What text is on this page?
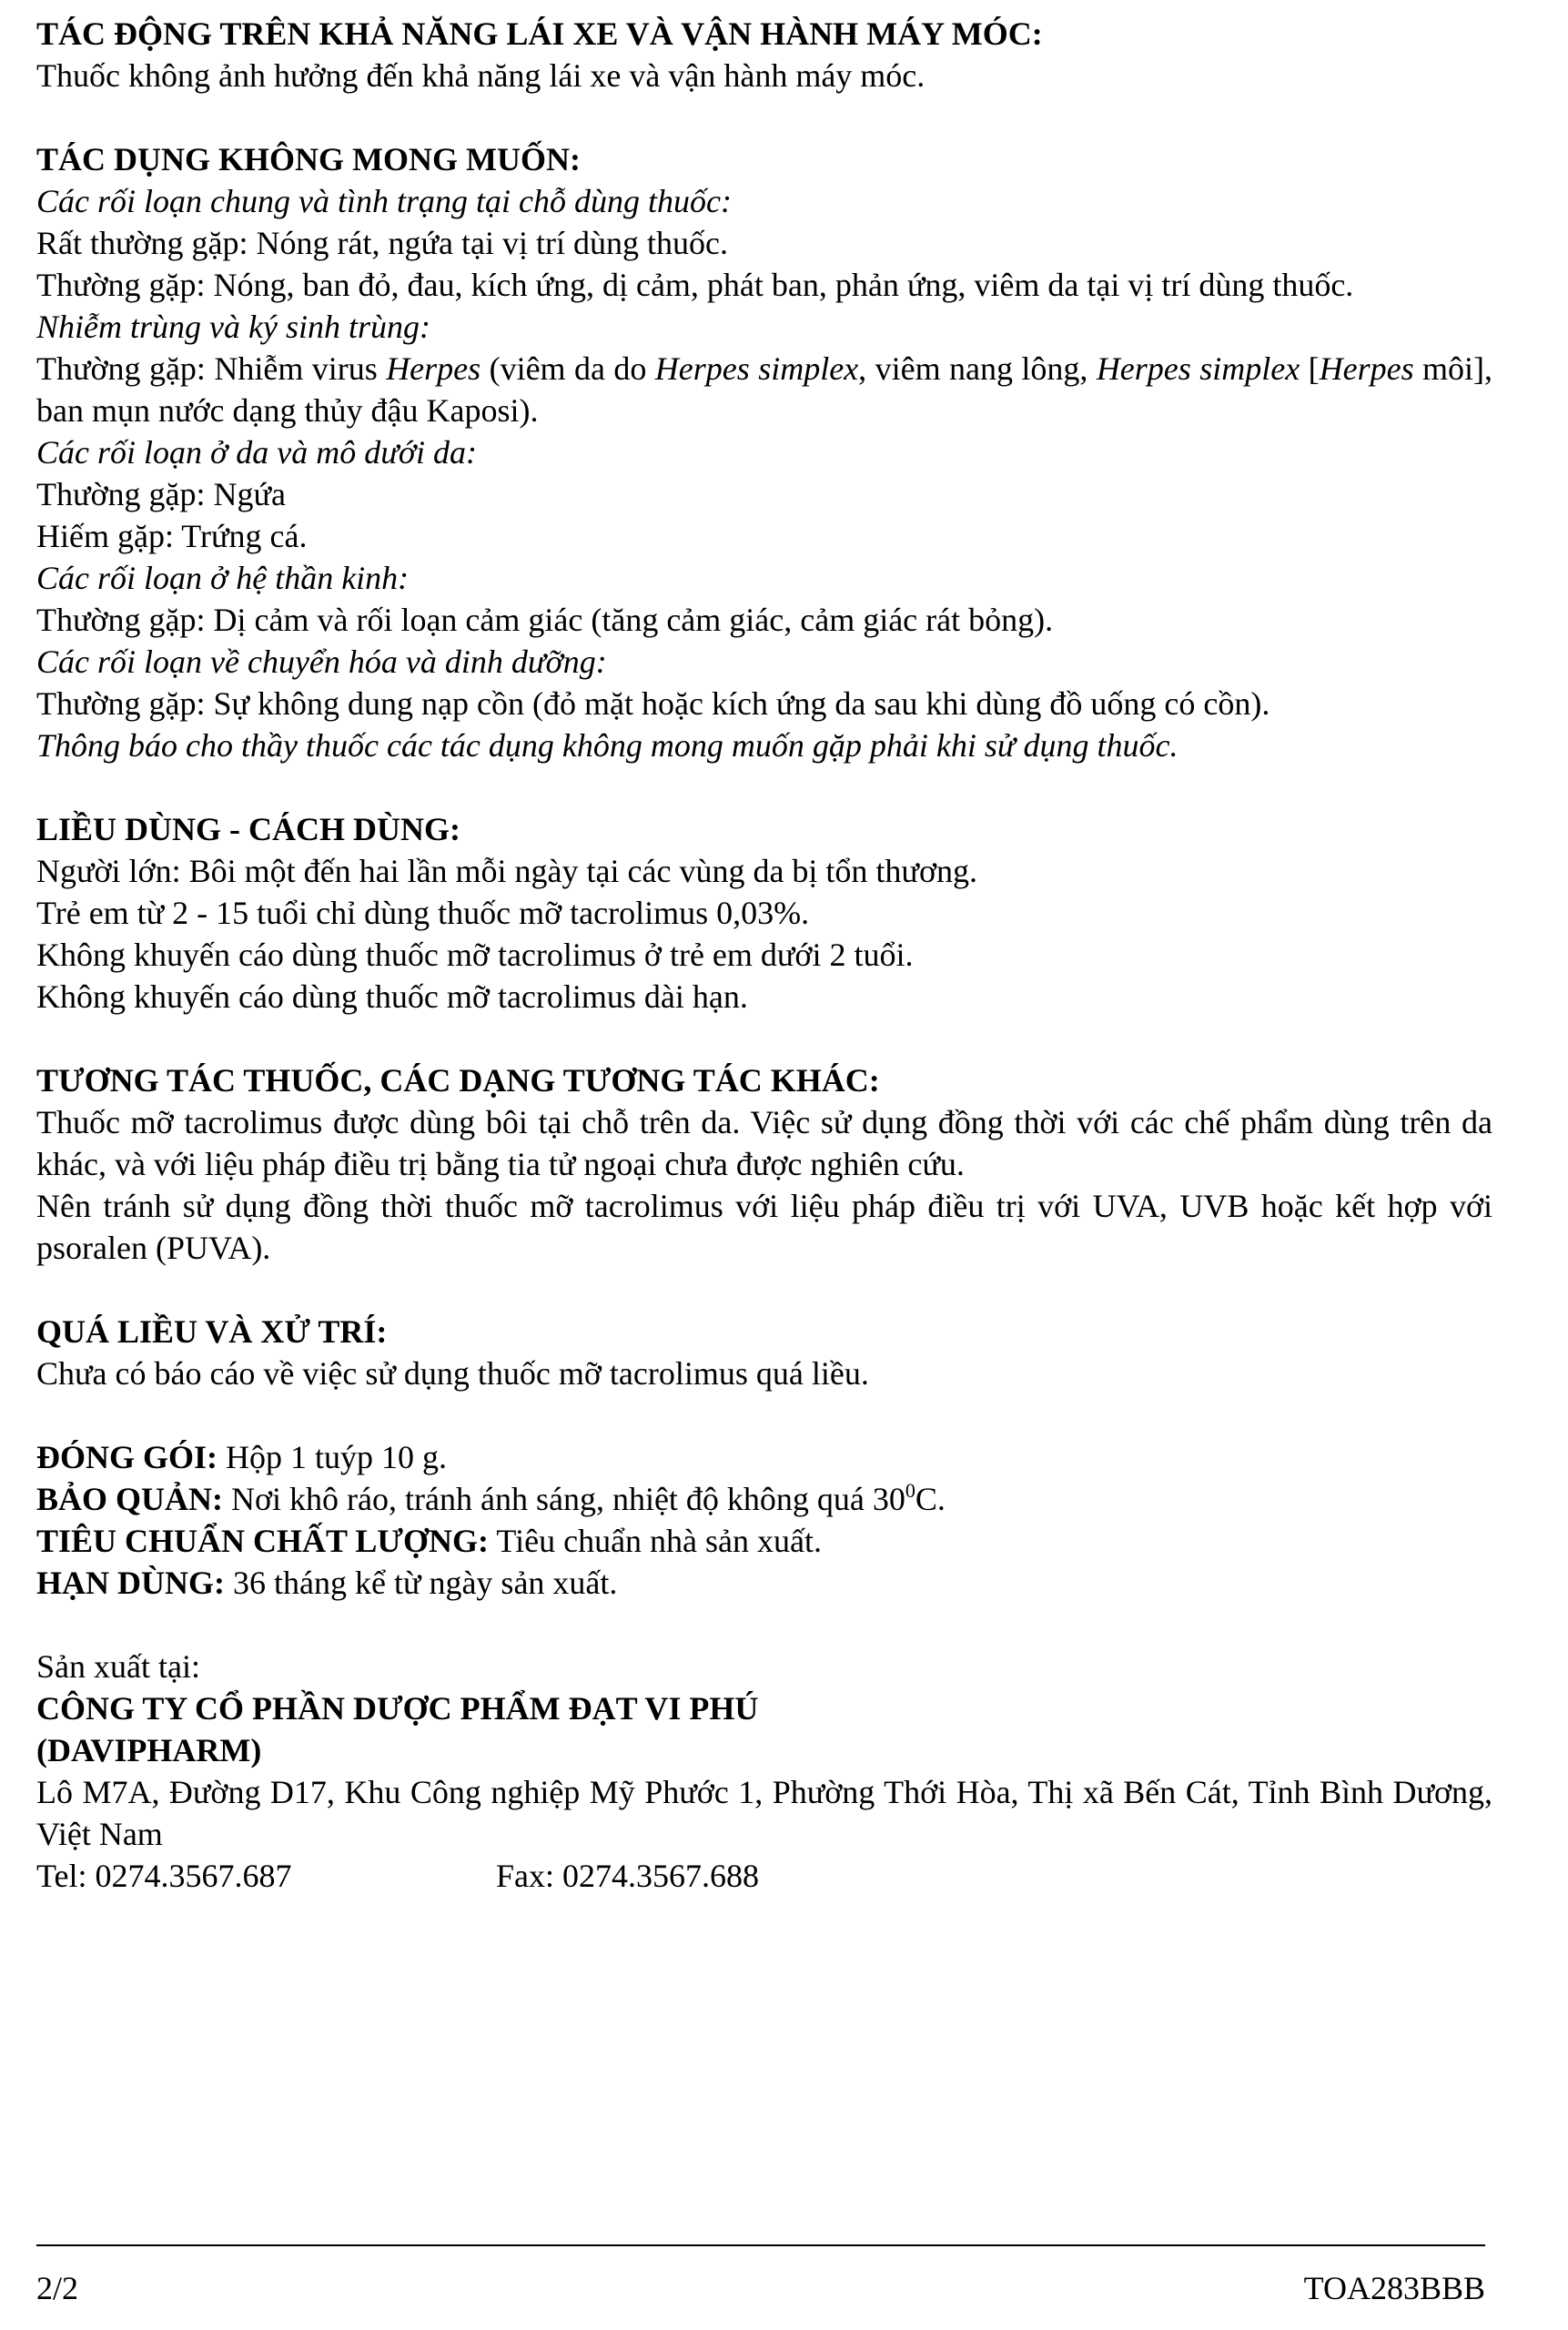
TÁC ĐỘNG TRÊN KHẢ NĂNG LÁI XE VÀ VẬN HÀNH MÁY MÓC:
Thuốc không ảnh hưởng đến khả năng lái xe và vận hành máy móc.
TÁC DỤNG KHÔNG MONG MUỐN:
Các rối loạn chung và tình trạng tại chỗ dùng thuốc:
Rất thường gặp: Nóng rát, ngứa tại vị trí dùng thuốc.
Thường gặp: Nóng, ban đỏ, đau, kích ứng, dị cảm, phát ban, phản ứng, viêm da tại vị trí dùng thuốc.
Nhiễm trùng và ký sinh trùng:
Thường gặp: Nhiễm virus Herpes (viêm da do Herpes simplex, viêm nang lông, Herpes simplex [Herpes môi], ban mụn nước dạng thủy đậu Kaposi).
Các rối loạn ở da và mô dưới da:
Thường gặp: Ngứa
Hiếm gặp: Trứng cá.
Các rối loạn ở hệ thần kinh:
Thường gặp: Dị cảm và rối loạn cảm giác (tăng cảm giác, cảm giác rát bỏng).
Các rối loạn về chuyển hóa và dinh dưỡng:
Thường gặp: Sự không dung nạp cồn (đỏ mặt hoặc kích ứng da sau khi dùng đồ uống có cồn).
Thông báo cho thầy thuốc các tác dụng không mong muốn gặp phải khi sử dụng thuốc.
LIỀU DÙNG - CÁCH DÙNG:
Người lớn: Bôi một đến hai lần mỗi ngày tại các vùng da bị tổn thương.
Trẻ em từ 2 - 15 tuổi chỉ dùng thuốc mỡ tacrolimus 0,03%.
Không khuyến cáo dùng thuốc mỡ tacrolimus ở trẻ em dưới 2 tuổi.
Không khuyến cáo dùng thuốc mỡ tacrolimus dài hạn.
TƯƠNG TÁC THUỐC, CÁC DẠNG TƯƠNG TÁC KHÁC:
Thuốc mỡ tacrolimus được dùng bôi tại chỗ trên da. Việc sử dụng đồng thời với các chế phẩm dùng trên da khác, và với liệu pháp điều trị bằng tia tử ngoại chưa được nghiên cứu.
Nên tránh sử dụng đồng thời thuốc mỡ tacrolimus với liệu pháp điều trị với UVA, UVB hoặc kết hợp với psoralen (PUVA).
QUÁ LIỀU VÀ XỬ TRÍ:
Chưa có báo cáo về việc sử dụng thuốc mỡ tacrolimus quá liều.
ĐÓNG GÓI: Hộp 1 tuýp 10 g.
BẢO QUẢN: Nơi khô ráo, tránh ánh sáng, nhiệt độ không quá $30^0C$.
TIÊU CHUẨN CHẤT LƯỢNG: Tiêu chuẩn nhà sản xuất.
HẠN DÙNG: 36 tháng kể từ ngày sản xuất.
Sản xuất tại:
CÔNG TY CỔ PHẦN DƯỢC PHẨM ĐẠT VI PHÚ
(DAVIPHARM)
Lô M7A, Đường D17, Khu Công nghiệp Mỹ Phước 1, Phường Thới Hòa, Thị xã Bến Cát, Tỉnh Bình Dương, Việt Nam
Tel: 0274.3567.687	Fax: 0274.3567.688
2/2	TOA283BBB
